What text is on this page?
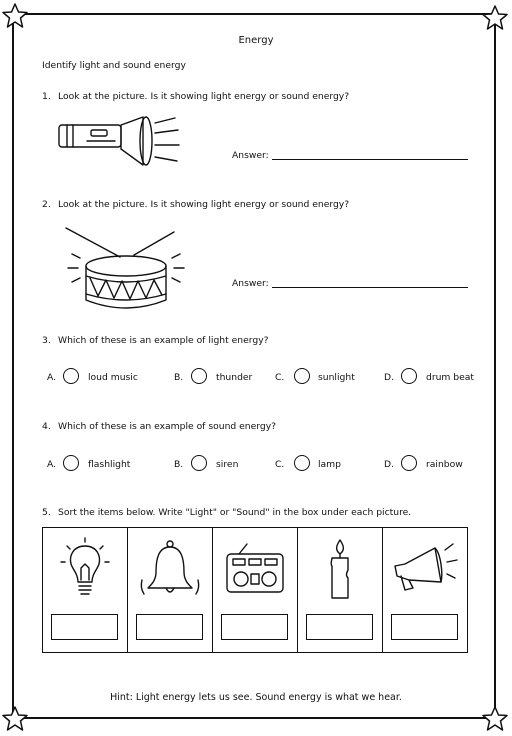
Energy
Identify light and sound energy
1. Look at the picture. Is it showing light energy or sound energy?
Answer:
2. Look at the picture. Is it showing light energy or sound energy?
Answer:
3. Which of these is an example of light energy?
A.	loud music	B.	thunder C.	sunlight	D.	drum beat
4. Which of these is an example of sound energy?
A.	flashlight	B.	siren	C.	lamp	D.	rainbow
5. Sort the items below. Write "Light" or "Sound" in the box under each picture.
Hint: Light energy lets us see. Sound energy is what we hear.
